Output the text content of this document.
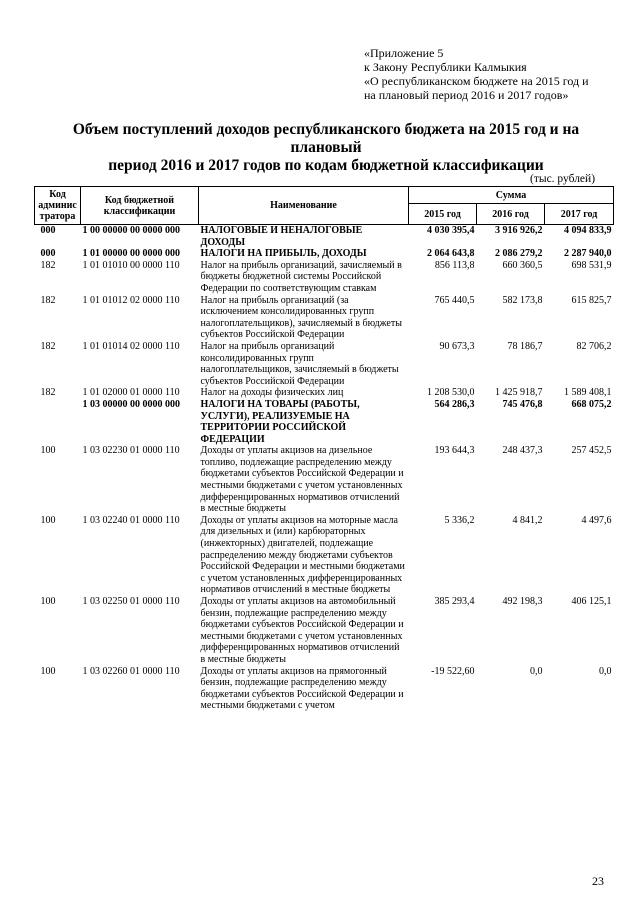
«Приложение 5
к Закону Республики Калмыкия
«О республиканском бюджете на 2015 год и
на плановый период 2016 и 2017 годов»
Объем поступлений доходов республиканского бюджета на 2015 год и на плановый
период 2016 и 2017 годов по кодам бюджетной классификации
(тыс. рублей)
Код админис тратора	Код бюджетной классификации	Наименование	Сумма		
			2015 год	2016 год	2017 год
000	1 00 00000 00 0000 000	НАЛОГОВЫЕ И НЕНАЛОГОВЫЕ ДОХОДЫ	4 030 395,4	3 916 926,2	4 094 833,9
000	1 01 00000 00 0000 000	НАЛОГИ НА ПРИБЫЛЬ, ДОХОДЫ	2 064 643,8	2 086 279,2	2 287 940,0
182	1 01 01010 00 0000 110	Налог на прибыль организаций, зачисляемый в бюджеты бюджетной системы Российской Федерации по соответствующим ставкам	856 113,8	660 360,5	698 531,9
182	1 01 01012 02 0000 110	Налог на прибыль организаций (за исключением консолидированных групп налогоплательщиков), зачисляемый в бюджеты субъектов Российской Федерации	765 440,5	582 173,8	615 825,7
182	1 01 01014 02 0000 110	Налог на прибыль организаций консолидированных групп налогоплательщиков, зачисляемый в бюджеты субъектов Российской Федерации	90 673,3	78 186,7	82 706,2
182	1 01 02000 01 0000 110	Налог на доходы физических лиц	1 208 530,0	1 425 918,7	1 589 408,1
	1 03 00000 00 0000 000	НАЛОГИ НА ТОВАРЫ (РАБОТЫ, УСЛУГИ), РЕАЛИЗУЕМЫЕ НА ТЕРРИТОРИИ РОССИЙСКОЙ ФЕДЕРАЦИИ	564 286,3	745 476,8	668 075,2
100	1 03 02230 01 0000 110	Доходы от уплаты акцизов на дизельное топливо, подлежащие распределению между бюджетами субъектов Российской Федерации и местными бюджетами с учетом установленных дифференцированных нормативов отчислений в местные бюджеты	193 644,3	248 437,3	257 452,5
100	1 03 02240 01 0000 110	Доходы от уплаты акцизов на моторные масла для дизельных и (или) карбюраторных (инжекторных) двигателей, подлежащие распределению между бюджетами субъектов Российской Федерации и местными бюджетами с учетом установленных дифференцированных нормативов отчислений в местные бюджеты	5 336,2	4 841,2	4 497,6
100	1 03 02250 01 0000 110	Доходы от уплаты акцизов на автомобильный бензин, подлежащие распределению между бюджетами субъектов Российской Федерации и местными бюджетами с учетом установленных дифференцированных нормативов отчислений в местные бюджеты	385 293,4	492 198,3	406 125,1
100	1 03 02260 01 0000 110	Доходы от уплаты акцизов на прямогонный бензин, подлежащие распределению между бюджетами субъектов Российской Федерации и местными бюджетами с учетом	-19 522,60	0,0	0,0
23
